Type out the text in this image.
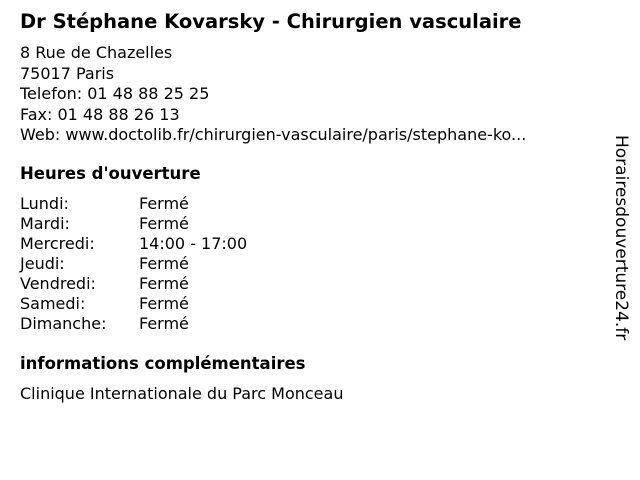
Dr Stéphane Kovarsky - Chirurgien vasculaire
8 Rue de Chazelles
75017 Paris
Telefon: 01 48 88 25 25
Fax: 01 48 88 26 13
Web: www.doctolib.fr/chirurgien-vasculaire/paris/stephane-ko...
Heures d'ouverture
Lundi:	Fermé
Mardi:	Fermé
Mercredi:	14:00 - 17:00
Jeudi:	Fermé
Vendredi:	Fermé
Samedi:	Fermé
Dimanche:	Fermé
informations complémentaires
Clinique Internationale du Parc Monceau
Horairesdouverture24.fr
